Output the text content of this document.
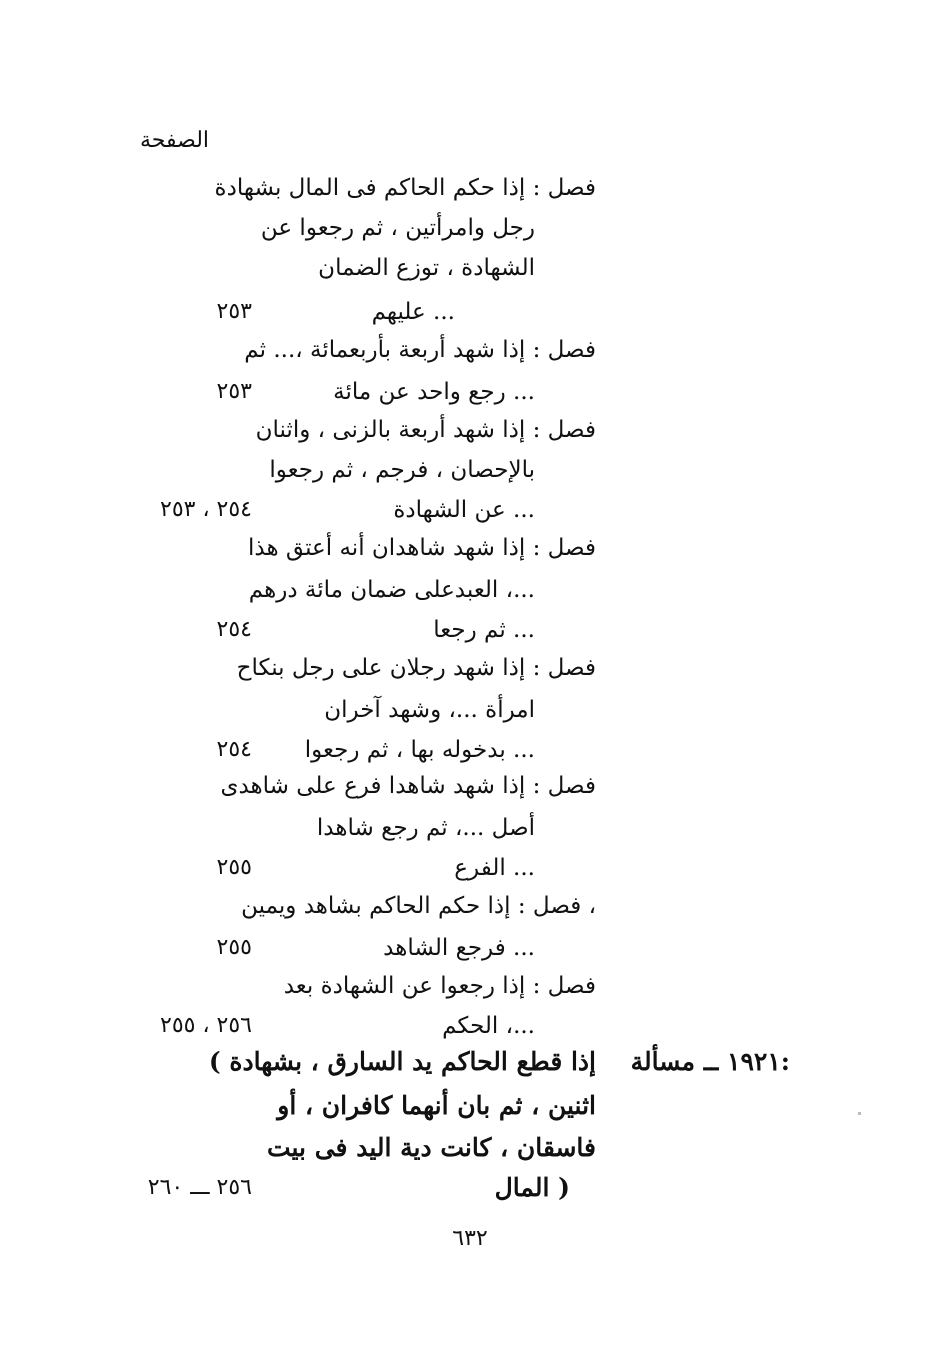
الصفحة
فصل : إذا حكم الحاكم فى المال بشهادة
رجل وامرأتين ، ثم رجعوا عن
الشهادة ، توزع الضمان
عليهم ...
٢٥٣
فصل : إذا شهد أربعة بأربعمائة ،... ثم
رجع واحد عن مائة ...
٢٥٣
فصل : إذا شهد أربعة بالزنى ، واثنان
بالإحصان ، فرجم ، ثم رجعوا
عن الشهادة ...
٢٥٤ ، ٢٥٣
فصل : إذا شهد شاهدان أنه أعتق هذا
العبدعلى ضمان مائة درهم ،...
ثم رجعا ...
٢٥٤
فصل : إذا شهد رجلان على رجل بنكاح
امرأة ...، وشهد آخران
بدخوله بها ، ثم رجعوا ...
٢٥٤
فصل : إذا شهد شاهدا فرع على شاهدى
أصل ...، ثم رجع شاهدا
الفرع ...
٢٥٥
فصل : إذا حكم الحاكم بشاهد ويمين ،
فرجع الشاهد ...
٢٥٥
فصل : إذا رجعوا عن الشهادة بعد
الحكم ،...
٢٥٦ ، ٢٥٥
١٩٢١ ــ مسألة:
( إذا قطع الحاكم يد السارق ، بشهادة
اثنين ، ثم بان أنهما كافران ، أو
فاسقان ، كانت دية اليد فى بيت
المال )
٢٥٦ ـــ ٢٦٠
٦٣٢
